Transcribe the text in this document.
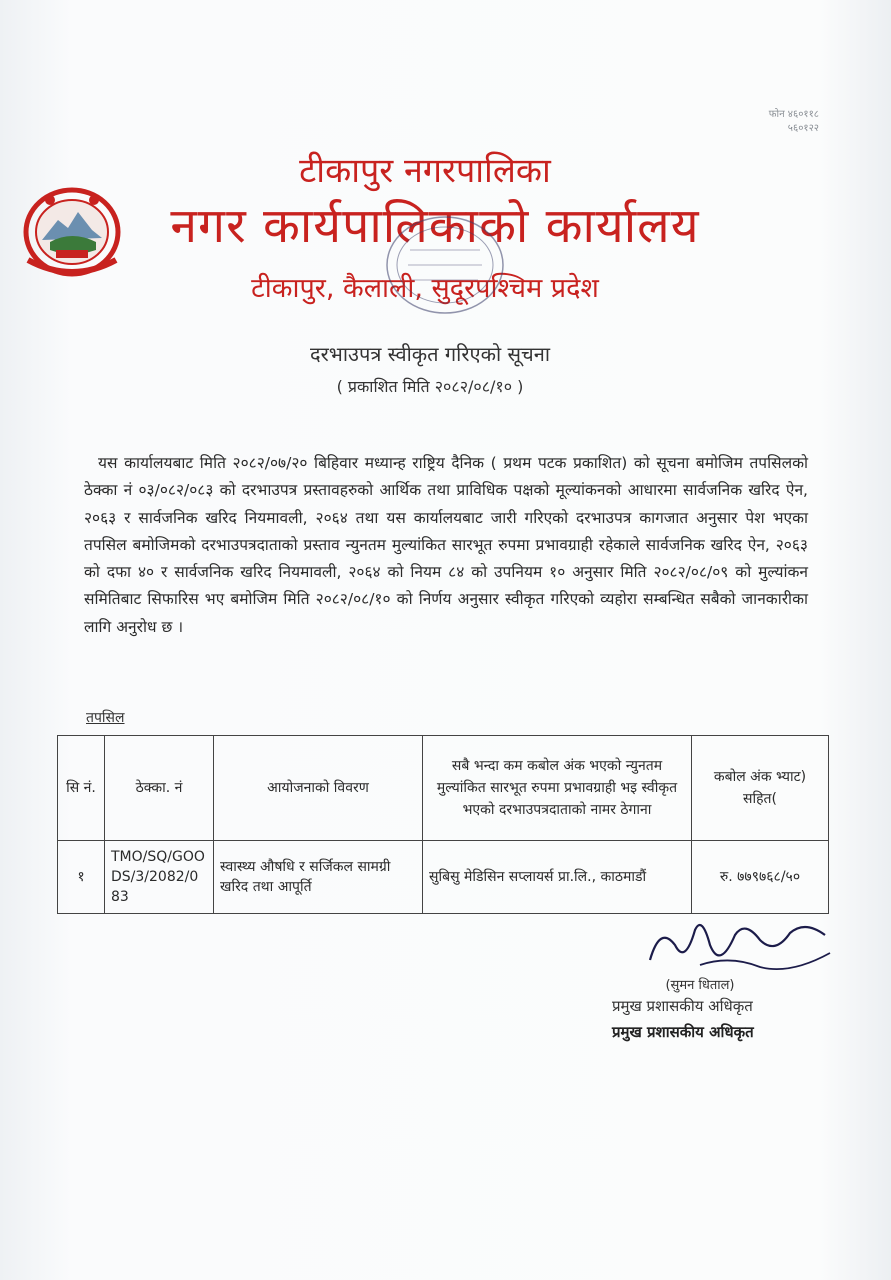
फोन ४६०११८
५६०१२२
टीकापुर नगरपालिका
नगर कार्यपालिकाको कार्यालय
टीकापुर, कैलाली, सुदूरपश्चिम प्रदेश
दरभाउपत्र स्वीकृत गरिएको सूचना
( प्रकाशित मिति २०८२/०८/१० )

यस कार्यालयबाट मिति २०८२/०७/२० बिहिवार मध्यान्ह राष्ट्रिय दैनिक ( प्रथम पटक प्रकाशित) को सूचना बमोजिम तपसिलको ठेक्का नं ०३/०८२/०८३ को दरभाउपत्र प्रस्तावहरुको आर्थिक तथा प्राविधिक पक्षको मूल्यांकनको आधारमा सार्वजनिक खरिद ऐन, २०६३ र सार्वजनिक खरिद नियमावली, २०६४ तथा यस कार्यालयबाट जारी गरिएको दरभाउपत्र कागजात अनुसार पेश भएका तपसिल बमोजिमको दरभाउपत्रदाताको प्रस्ताव न्युनतम मुल्यांकित सारभूत रुपमा प्रभावग्राही रहेकाले सार्वजनिक खरिद ऐन, २०६३ को दफा ४० र सार्वजनिक खरिद नियमावली, २०६४ को नियम ८४ को उपनियम १० अनुसार मिति २०८२/०८/०९ को मुल्यांकन समितिबाट सिफारिस भए बमोजिम मिति २०८२/०८/१० को निर्णय अनुसार स्वीकृत गरिएको व्यहोरा सम्बन्धित सबैको जानकारीका लागि अनुरोध छ ।

तपसिल
सि नं.	ठेक्का. नं	आयोजनाको विवरण	सबै भन्दा कम कबोल अंक भएको न्युनतम मुल्यांकित सारभूत रुपमा प्रभावग्राही भइ स्वीकृत भएको दरभाउपत्रदाताको नामर ठेगाना	कबोल अंक भ्याट) सहित(
१	TMO/SQ/GOODS/3/2082/083	स्वास्थ्य औषधि र सर्जिकल सामग्री खरिद तथा आपूर्ति	सुबिसु मेडिसिन सप्लायर्स प्रा.लि., काठमाडौं	रु. ७७९७६८/५०
(सुमन धिताल)
प्रमुख प्रशासकीय अधिकृत
प्रमुख प्रशासकीय अधिकृत
